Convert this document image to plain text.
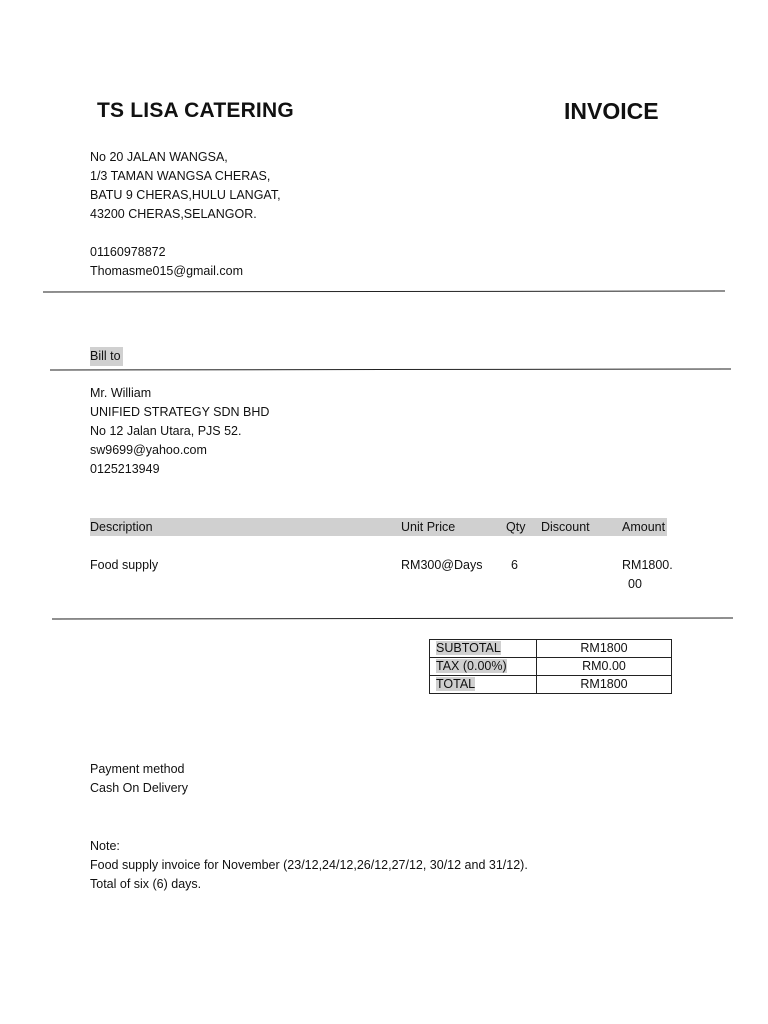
TS LISA CATERING	INVOICE
No 20 JALAN WANGSA,
1/3 TAMAN WANGSA CHERAS,
BATU 9 CHERAS,HULU LANGAT,
43200 CHERAS,SELANGOR.
01160978872
Thomasme015@gmail.com
Bill to
Mr. William
UNIFIED STRATEGY SDN BHD
No 12 Jalan Utara, PJS 52.
sw9699@yahoo.com
0125213949
Description	Unit Price	Qty Discount	Amount
Food supply	RM300@Days 6	RM1800.
00
SUBTOTAL	RM1800
TAX (0.00%)	RM0.00
TOTAL	RM1800
Payment method
Cash On Delivery
Note:
Food supply invoice for November (23/12,24/12,26/12,27/12, 30/12 and 31/12).
Total of six (6) days.
